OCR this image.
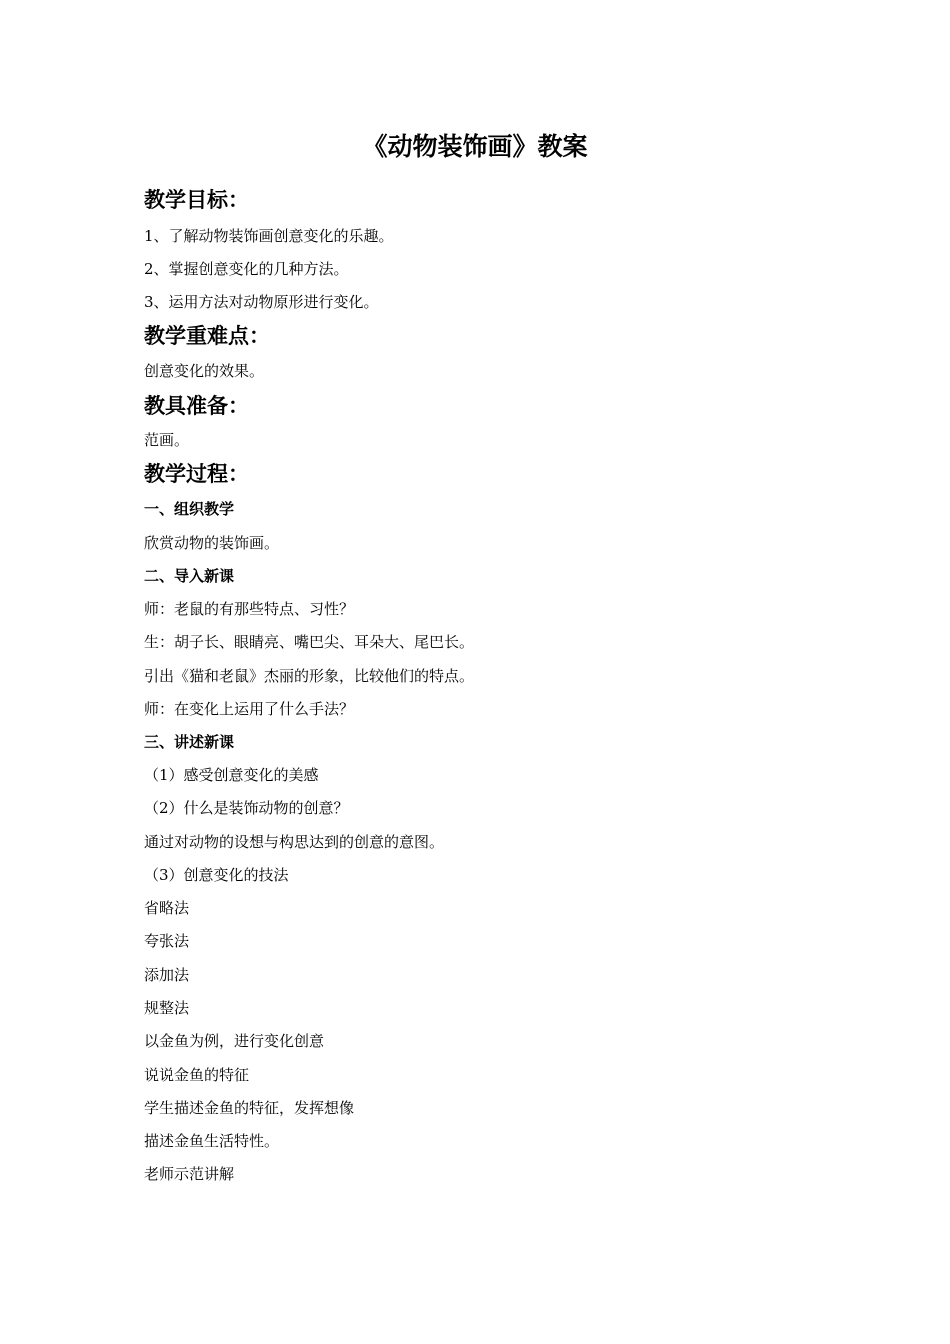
《动物装饰画》教案
教学目标：
1、了解动物装饰画创意变化的乐趣。
2、掌握创意变化的几种方法。
3、运用方法对动物原形进行变化。
教学重难点：
创意变化的效果。
教具准备：
范画。
教学过程：
一、组织教学
欣赏动物的装饰画。
二、导入新课
师：老鼠的有那些特点、习性？
生：胡子长、眼睛亮、嘴巴尖、耳朵大、尾巴长。
引出《猫和老鼠》杰丽的形象，比较他们的特点。
师：在变化上运用了什么手法？
三、讲述新课
（1）感受创意变化的美感
（2）什么是装饰动物的创意？
通过对动物的设想与构思达到的创意的意图。
（3）创意变化的技法
省略法
夸张法
添加法
规整法
以金鱼为例，进行变化创意
说说金鱼的特征
学生描述金鱼的特征，发挥想像
描述金鱼生活特性。
老师示范讲解
